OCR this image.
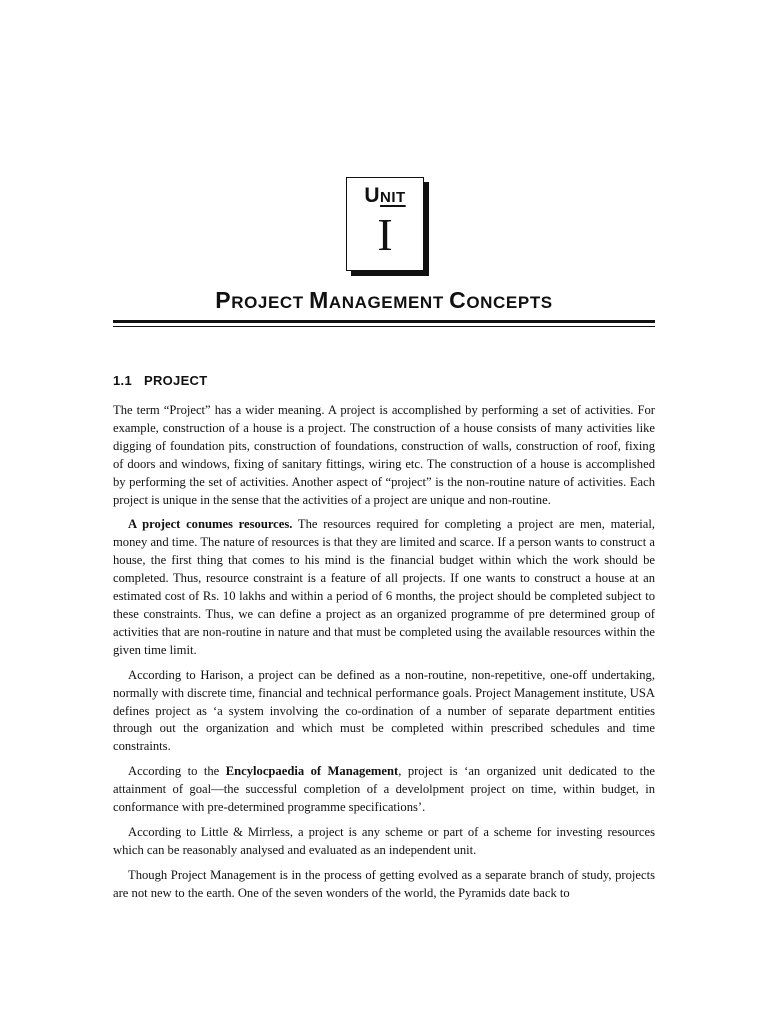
UNIT
I
PROJECT MANAGEMENT CONCEPTS
1.1 PROJECT

The term “Project” has a wider meaning. A project is accomplished by performing a set of activities. For example, construction of a house is a project. The construction of a house consists of many activities like digging of foundation pits, construction of foundations, construction of walls, construction of roof, fixing of doors and windows, fixing of sanitary fittings, wiring etc. The construction of a house is accomplished by performing the set of activities. Another aspect of “project” is the non-routine nature of activities. Each project is unique in the sense that the activities of a project are unique and non-routine.

A project conumes resources. The resources required for completing a project are men, material, money and time. The nature of resources is that they are limited and scarce. If a person wants to construct a house, the first thing that comes to his mind is the financial budget within which the work should be completed. Thus, resource constraint is a feature of all projects. If one wants to construct a house at an estimated cost of Rs. 10 lakhs and within a period of 6 months, the project should be completed subject to these constraints. Thus, we can define a project as an organized programme of pre determined group of activities that are non-routine in nature and that must be completed using the available resources within the given time limit.

According to Harison, a project can be defined as a non-routine, non-repetitive, one-off undertaking, normally with discrete time, financial and technical performance goals. Project Management institute, USA defines project as ‘a system involving the co-ordination of a number of separate department entities through out the organization and which must be completed within prescribed schedules and time constraints.

According to the Encylocpaedia of Management, project is ‘an organized unit dedicated to the attainment of goal—the successful completion of a develolpment project on time, within budget, in conformance with pre-determined programme specifications’.

According to Little & Mirrless, a project is any scheme or part of a scheme for investing resources which can be reasonably analysed and evaluated as an independent unit.

Though Project Management is in the process of getting evolved as a separate branch of study, projects are not new to the earth. One of the seven wonders of the world, the Pyramids date back to
